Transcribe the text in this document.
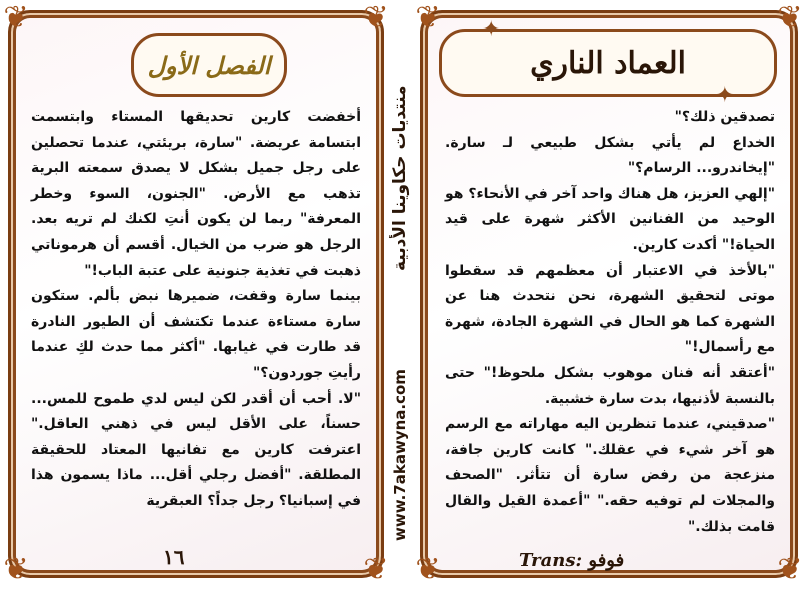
❦	❦
❦	❦
الفصل الأول

أخفضت كارين تحديقها المستاء وابتسمت ابتسامة عريضة. "سارة، بريئتي، عندما تحصلين على رجل جميل بشكل لا يصدق سمعته البرية تذهب مع الأرض. "الجنون، السوء وخطر المعرفة" ربما لن يكون أنتِ لكنك لم تريه بعد. الرجل هو ضرب من الخيال. أقسم أن هرموناتي ذهبت في تغذية جنونية على عتبة الباب!"

بينما سارة وقفت، ضميرها نبض بألم. ستكون سارة مستاءة عندما تكتشف أن الطيور النادرة قد طارت في غيابها. "أكثر مما حدث لكِ عندما رأيتِ جوردون؟"

"لا. أحب أن أقدر لكن ليس لدي طموح للمس... حسناً، على الأقل ليس في ذهني العاقل." اعترفت كارين مع تفانيها المعتاد للحقيقة المطلقة. "أفضل رجلي أقل... ماذا يسمون هذا في إسبانيا؟ رجل جداً؟ العبقرية

١٦
منتديات حكاوينا الأدبية
www.7akawyna.com
❦	❦
❦	❦
✦
✦
العماد الناري

تصدقين ذلك؟"

الخداع لم يأتي بشكل طبيعي لـ سارة. "إيخاندرو... الرسام؟"

"إلهي العزيز، هل هناك واحد آخر في الأنحاء؟ هو الوحيد من الفنانين الأكثر شهرة على قيد الحياة!" أكدت كارين.

"بالأخذ في الاعتبار أن معظمهم قد سقطوا موتى لتحقيق الشهرة، نحن نتحدث هنا عن الشهرة كما هو الحال في الشهرة الجادة، شهرة مع رأسمال!"

"أعتقد أنه فنان موهوب بشكل ملحوظ!" حتى بالنسبة لأذنيها، بدت سارة خشبية.

"صدقيني، عندما تنظرين اليه مهاراته مع الرسم هو آخر شيء في عقلك." كانت كارين جافة، منزعجة من رفض سارة أن تتأثر. "الصحف والمجلات لم توفيه حقه." "أعمدة القيل والقال قامت بذلك."

Trans: فوفو
